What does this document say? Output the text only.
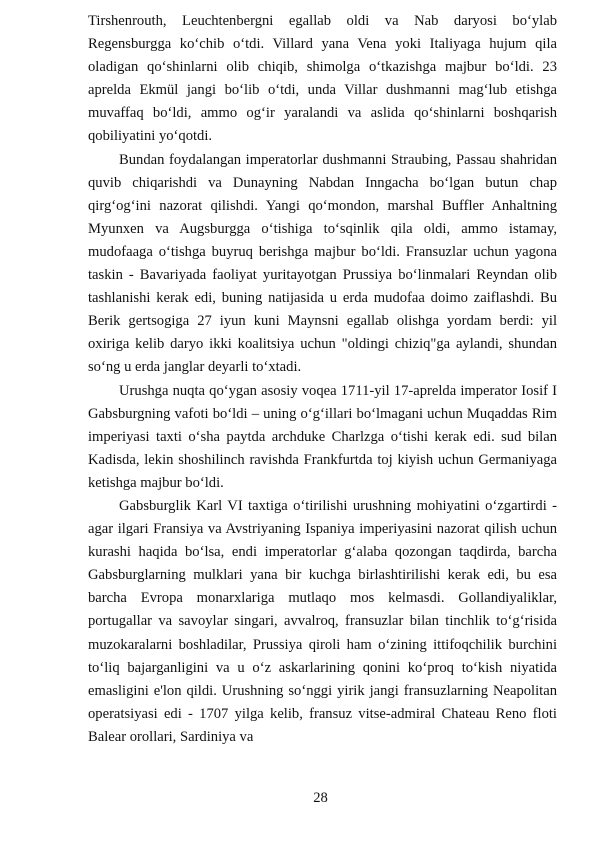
Tirshenrouth, Leuchtenbergni egallab oldi va Nab daryosi bo‘ylab Regensburgga ko‘chib o‘tdi. Villard yana Vena yoki Italiyaga hujum qila oladigan qo‘shinlarni olib chiqib, shimolga o‘tkazishga majbur bo‘ldi. 23 aprelda Ekmül jangi bo‘lib o‘tdi, unda Villar dushmanni mag‘lub etishga muvaffaq bo‘ldi, ammo og‘ir yaralandi va aslida qo‘shinlarni boshqarish qobiliyatini yo‘qotdi.

Bundan foydalangan imperatorlar dushmanni Straubing, Passau shahridan quvib chiqarishdi va Dunayning Nabdan Inngacha bo‘lgan butun chap qirg‘og‘ini nazorat qilishdi. Yangi qo‘mondon, marshal Buffler Anhaltning Myunxen va Augsburgga o‘tishiga to‘sqinlik qila oldi, ammo istamay, mudofaaga o‘tishga buyruq berishga majbur bo‘ldi. Fransuzlar uchun yagona taskin - Bavariyada faoliyat yuritayotgan Prussiya bo‘linmalari Reyndan olib tashlanishi kerak edi, buning natijasida u erda mudofaa doimo zaiflashdi. Bu Berik gertsogiga 27 iyun kuni Maynsni egallab olishga yordam berdi: yil oxiriga kelib daryo ikki koalitsiya uchun "oldingi chiziq"ga aylandi, shundan so‘ng u erda janglar deyarli to‘xtadi.

Urushga nuqta qo‘ygan asosiy voqea 1711-yil 17-aprelda imperator Iosif I Gabsburgning vafoti bo‘ldi – uning o‘g‘illari bo‘lmagani uchun Muqaddas Rim imperiyasi taxti o‘sha paytda archduke Charlzga o‘tishi kerak edi. sud bilan Kadisda, lekin shoshilinch ravishda Frankfurtda toj kiyish uchun Germaniyaga ketishga majbur bo‘ldi.

Gabsburglik Karl VI taxtiga o‘tirilishi urushning mohiyatini o‘zgartirdi - agar ilgari Fransiya va Avstriyaning Ispaniya imperiyasini nazorat qilish uchun kurashi haqida bo‘lsa, endi imperatorlar g‘alaba qozongan taqdirda, barcha Gabsburglarning mulklari yana bir kuchga birlashtirilishi kerak edi, bu esa barcha Evropa monarxlariga mutlaqo mos kelmasdi. Gollandiyaliklar, portugallar va savoylar singari, avvalroq, fransuzlar bilan tinchlik to‘g‘risida muzokaralarni boshladilar, Prussiya qiroli ham o‘zining ittifoqchilik burchini to‘liq bajarganligini va u o‘z askarlarining qonini ko‘proq to‘kish niyatida emasligini e'lon qildi. Urushning so‘nggi yirik jangi fransuzlarning Neapolitan operatsiyasi edi - 1707 yilga kelib, fransuz vitse-admiral Chateau Reno floti Balear orollari, Sardiniya va

28
